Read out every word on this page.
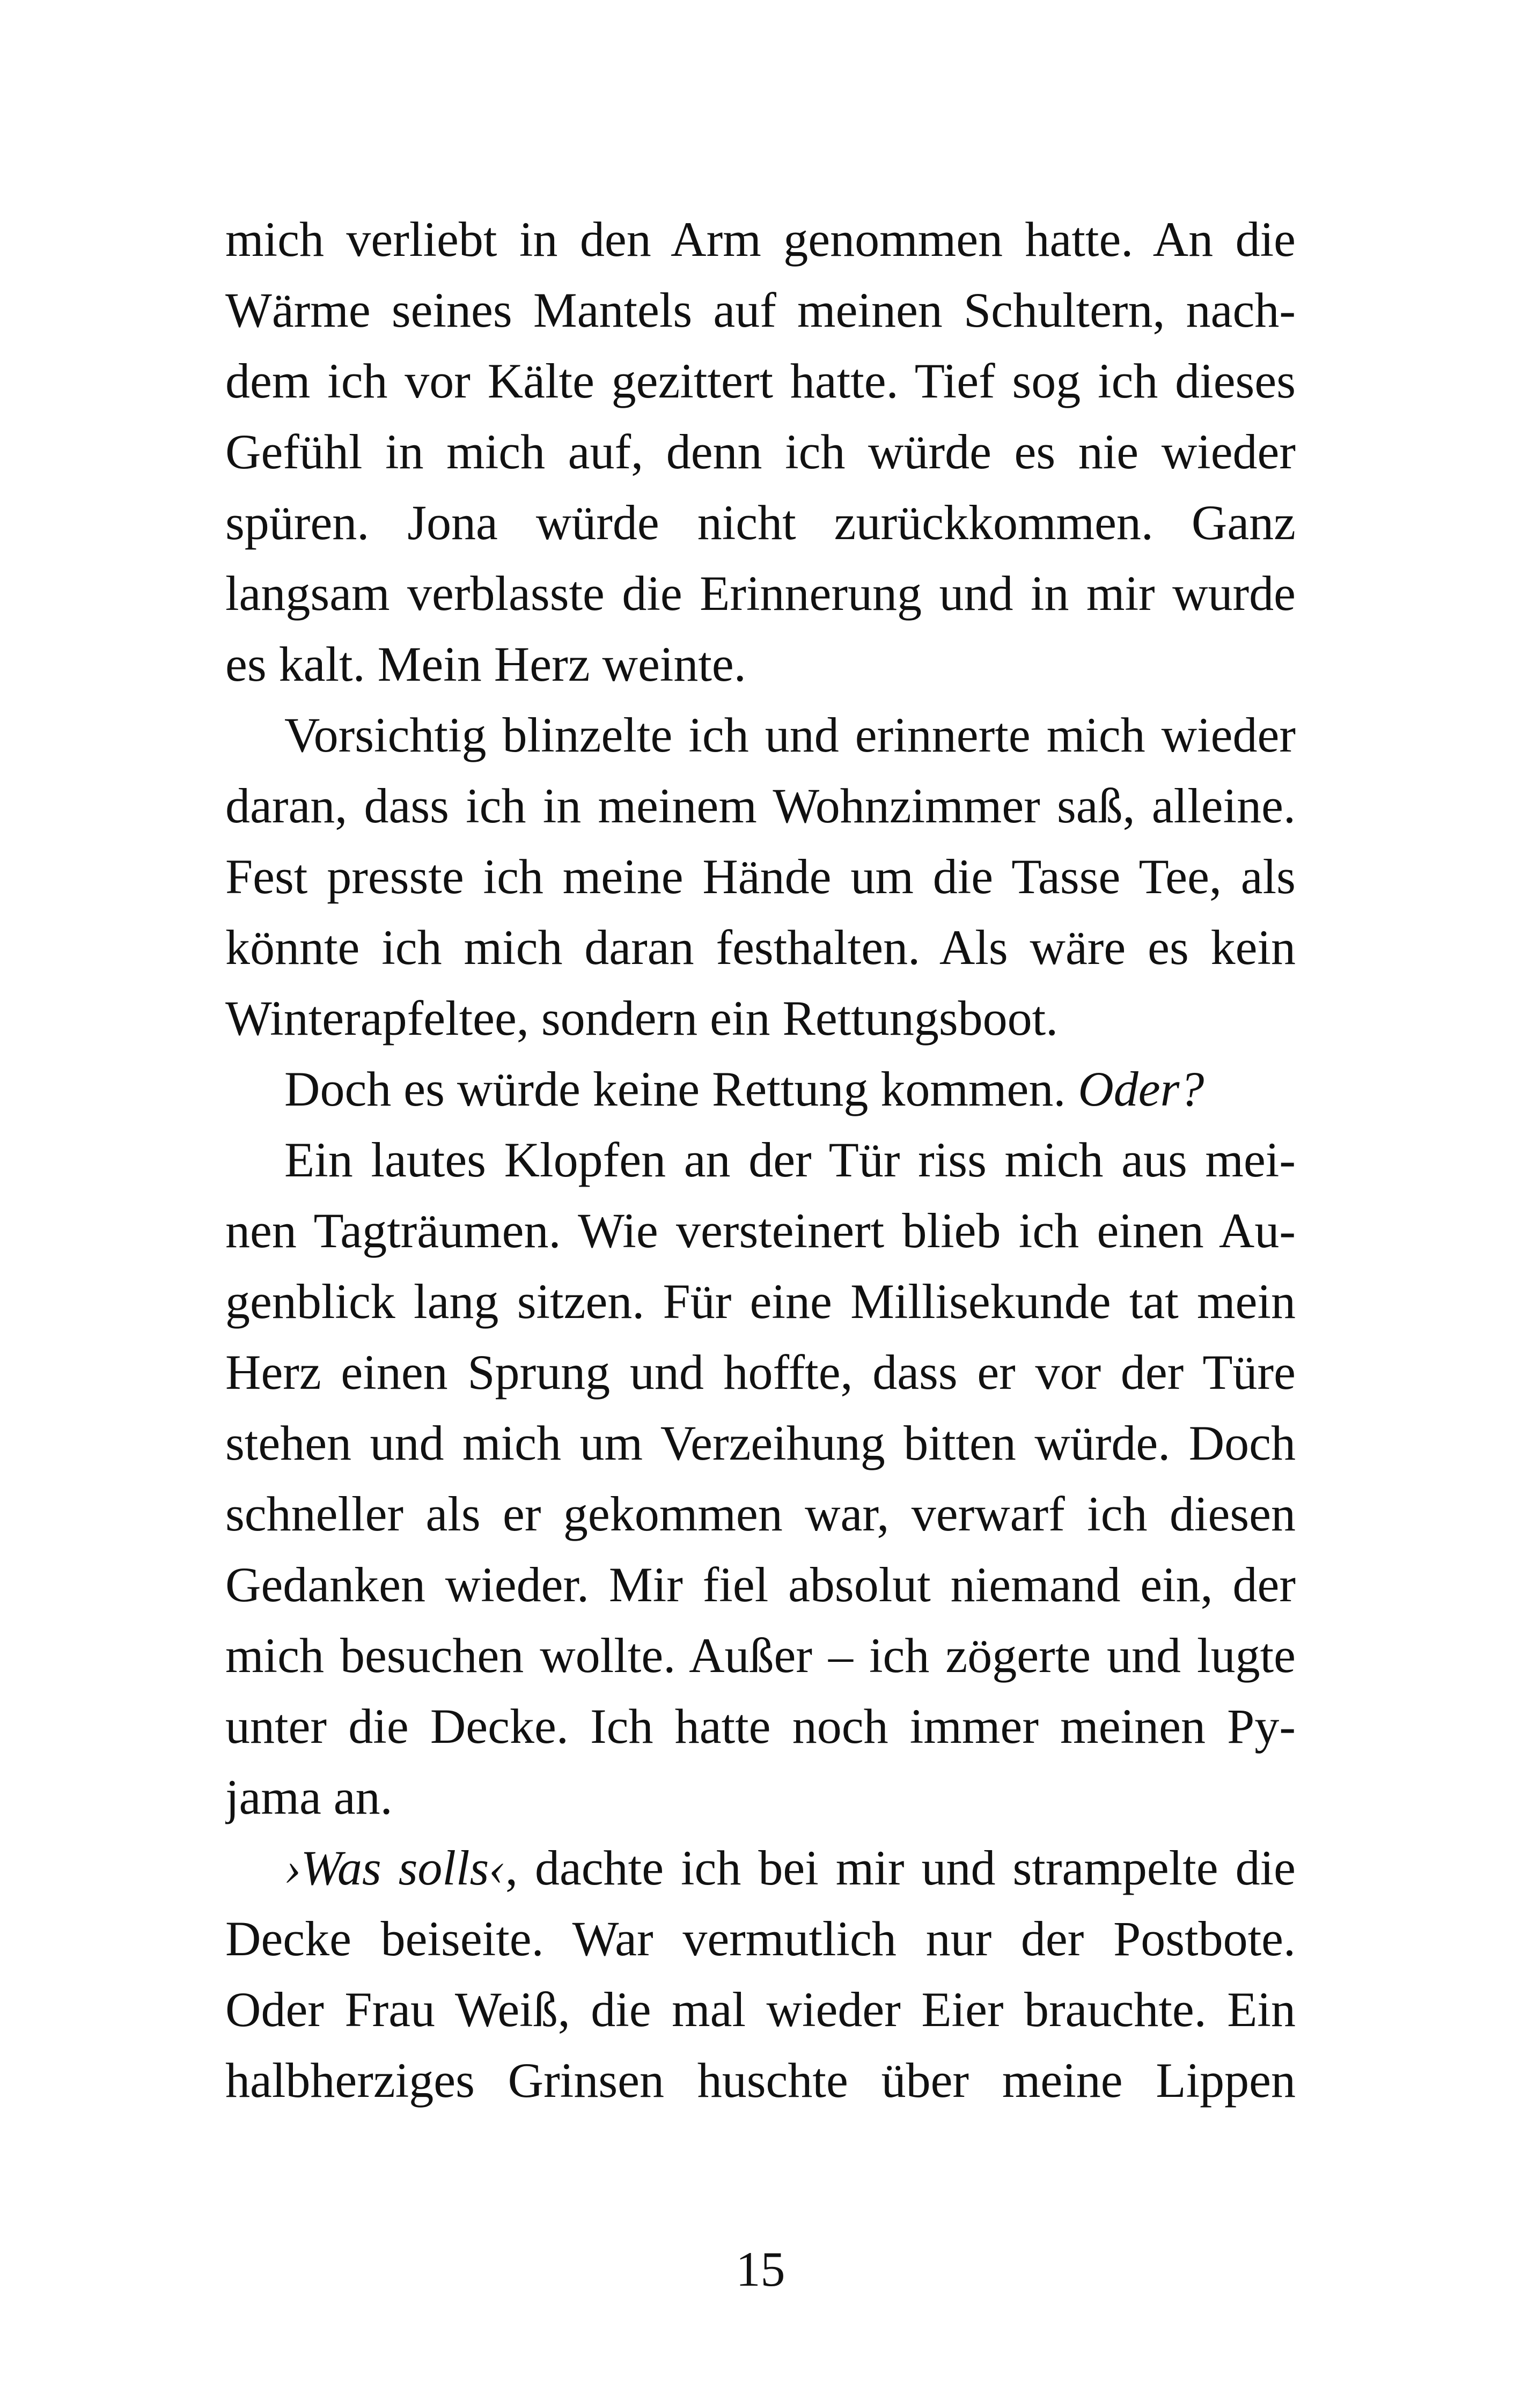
mich verliebt in den Arm genommen hatte. An die
Wärme seines Mantels auf meinen Schultern, nach-
dem ich vor Kälte gezittert hatte. Tief sog ich dieses
Gefühl in mich auf, denn ich würde es nie wieder
spüren. Jona würde nicht zurückkommen. Ganz
langsam verblasste die Erinnerung und in mir wurde
es kalt. Mein Herz weinte.
Vorsichtig blinzelte ich und erinnerte mich wieder
daran, dass ich in meinem Wohnzimmer saß, alleine.
Fest presste ich meine Hände um die Tasse Tee, als
könnte ich mich daran festhalten. Als wäre es kein
Winterapfeltee, sondern ein Rettungsboot.
Doch es würde keine Rettung kommen. Oder?
Ein lautes Klopfen an der Tür riss mich aus mei-
nen Tagträumen. Wie versteinert blieb ich einen Au-
genblick lang sitzen. Für eine Millisekunde tat mein
Herz einen Sprung und hoffte, dass er vor der Türe
stehen und mich um Verzeihung bitten würde. Doch
schneller als er gekommen war, verwarf ich diesen
Gedanken wieder. Mir fiel absolut niemand ein, der
mich besuchen wollte. Außer – ich zögerte und lugte
unter die Decke. Ich hatte noch immer meinen Py-
jama an.
›Was solls‹, dachte ich bei mir und strampelte die
Decke beiseite. War vermutlich nur der Postbote.
Oder Frau Weiß, die mal wieder Eier brauchte. Ein
halbherziges Grinsen huschte über meine Lippen
15
